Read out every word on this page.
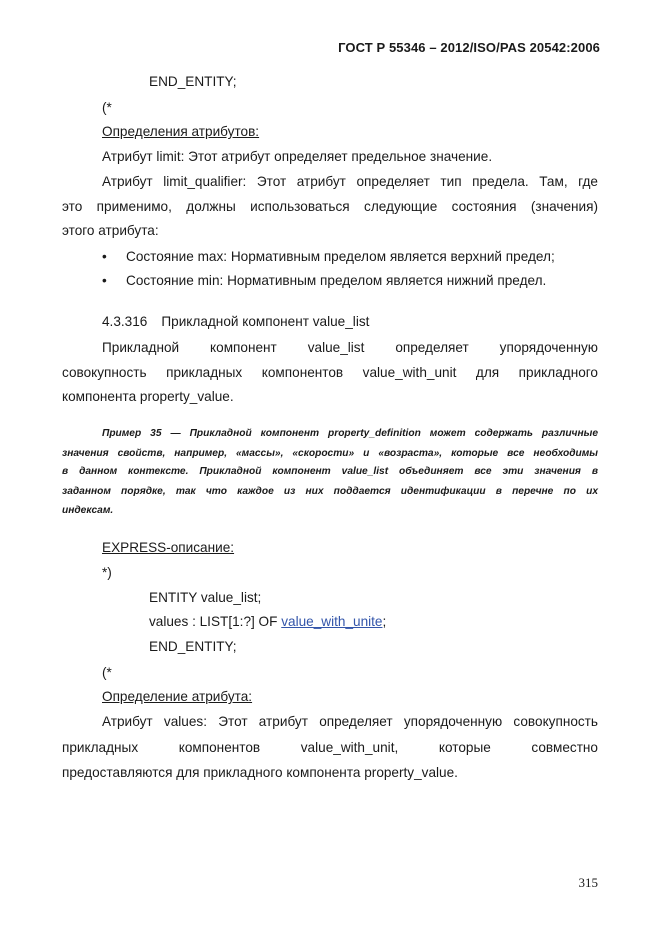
ГОСТ Р 55346 – 2012/ISO/PAS 20542:2006
END_ENTITY;
(*
Определения атрибутов:
Атрибут limit: Этот атрибут определяет предельное значение.
Атрибут limit_qualifier: Этот атрибут определяет тип предела. Там, где
это применимо, должны использоваться следующие состояния (значения)
этого атрибута:
•	Состояние max: Нормативным пределом является верхний предел;
•	Состояние min: Нормативным пределом является нижний предел.
4.3.316 Прикладной компонент value_list
Прикладной компонент value_list определяет упорядоченную
совокупность прикладных компонентов value_with_unit для прикладного
компонента property_value.
Пример 35 — Прикладной компонент property_definition может содержать различные
значения свойств, например, «массы», «скорости» и «возраста», которые все необходимы
в данном контексте. Прикладной компонент value_list объединяет все эти значения в
заданном порядке, так что каждое из них поддается идентификации в перечне по их
индексам.
EXPRESS-описание:
*)
ENTITY value_list;
values : LIST[1:?] OF value_with_unite;
END_ENTITY;
(*
Определение атрибута:
Атрибут values: Этот атрибут определяет упорядоченную совокупность
прикладных компонентов value_with_unit, которые совместно
предоставляются для прикладного компонента property_value.
315
